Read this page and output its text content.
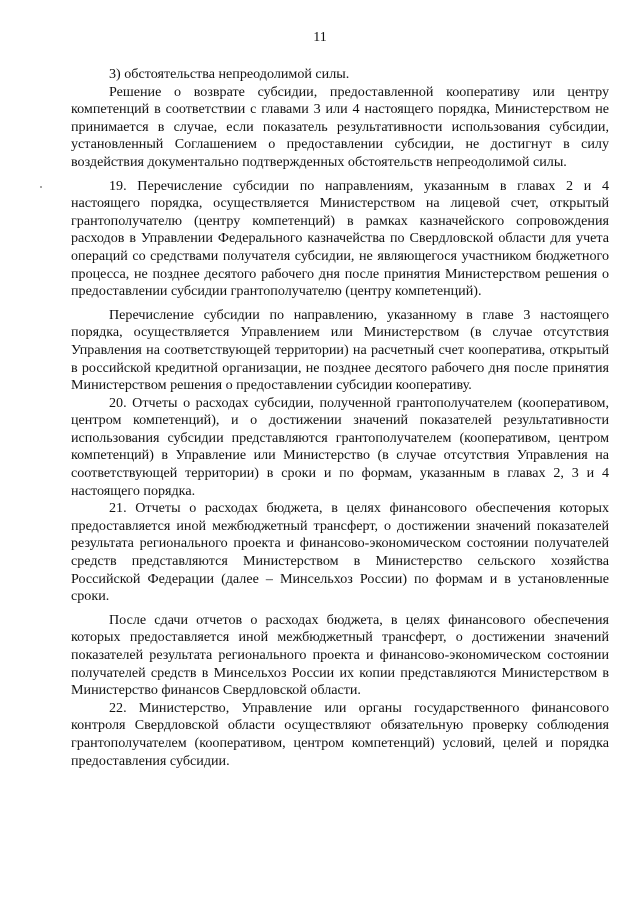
11

3) обстоятельства непреодолимой силы.

Решение о возврате субсидии, предоставленной кооперативу или центру компетенций в соответствии с главами 3 или 4 настоящего порядка, Министерством не принимается в случае, если показатель результативности использования субсидии, установленный Соглашением о предоставлении субсидии, не достигнут в силу воздействия документально подтвержденных обстоятельств непреодолимой силы.

19. Перечисление субсидии по направлениям, указанным в главах 2 и 4 настоящего порядка, осуществляется Министерством на лицевой счет, открытый грантополучателю (центру компетенций) в рамках казначейского сопровождения расходов в Управлении Федерального казначейства по Свердловской области для учета операций со средствами получателя субсидии, не являющегося участником бюджетного процесса, не позднее десятого рабочего дня после принятия Министерством решения о предоставлении субсидии грантополучателю (центру компетенций).

Перечисление субсидии по направлению, указанному в главе 3 настоящего порядка, осуществляется Управлением или Министерством (в случае отсутствия Управления на соответствующей территории) на расчетный счет кооператива, открытый в российской кредитной организации, не позднее десятого рабочего дня после принятия Министерством решения о предоставлении субсидии кооперативу.

20. Отчеты о расходах субсидии, полученной грантополучателем (кооперативом, центром компетенций), и о достижении значений показателей результативности использования субсидии представляются грантополучателем (кооперативом, центром компетенций) в Управление или Министерство (в случае отсутствия Управления на соответствующей территории) в сроки и по формам, указанным в главах 2, 3 и 4 настоящего порядка.

21. Отчеты о расходах бюджета, в целях финансового обеспечения которых предоставляется иной межбюджетный трансферт, о достижении значений показателей результата регионального проекта и финансово-экономическом состоянии получателей средств представляются Министерством в Министерство сельского хозяйства Российской Федерации (далее – Минсельхоз России) по формам и в установленные сроки.

После сдачи отчетов о расходах бюджета, в целях финансового обеспечения которых предоставляется иной межбюджетный трансферт, о достижении значений показателей результата регионального проекта и финансово-экономическом состоянии получателей средств в Минсельхоз России их копии представляются Министерством в Министерство финансов Свердловской области.

22. Министерство, Управление или органы государственного финансового контроля Свердловской области осуществляют обязательную проверку соблюдения грантополучателем (кооперативом, центром компетенций) условий, целей и порядка предоставления субсидии.
